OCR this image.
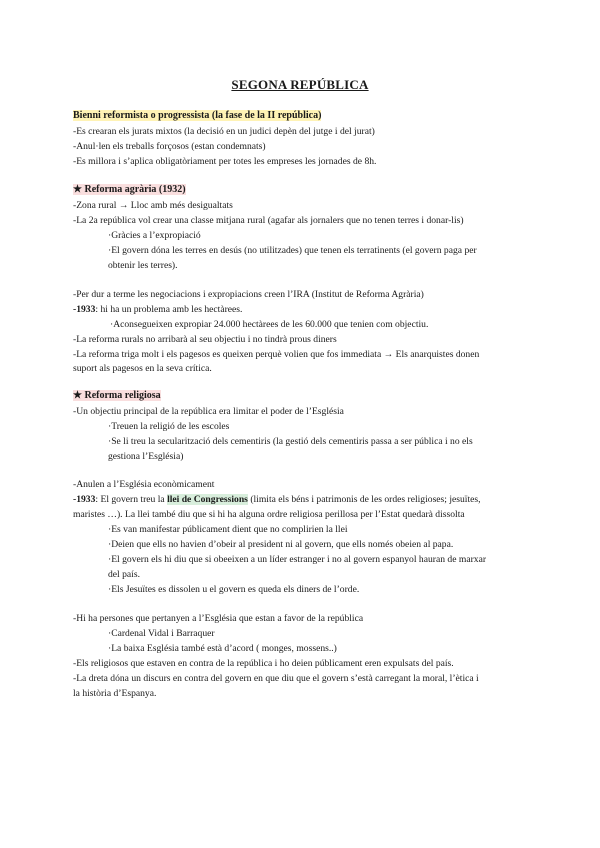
SEGONA REPÚBLICA
Bienni reformista o progressista (la fase de la II república)
-Es crearan els jurats mixtos (la decisió en un judici depèn del jutge i del jurat)
-Anul·len els treballs forçosos (estan condemnats)
-Es millora i s’aplica obligatòriament per totes les empreses les jornades de 8h.
★ Reforma agrària (1932)
-Zona rural → Lloc amb més desigualtats
-La 2a república vol crear una classe mitjana rural (agafar als jornalers que no tenen terres i donar-lis)
·Gràcies a l’expropiació
·El govern dóna les terres en desús (no utilitzades) que tenen els terratinents (el govern paga per
obtenir les terres).
-Per dur a terme les negociacions i expropiacions creen l’IRA (Institut de Reforma Agrària)
-1933: hi ha un problema amb les hectàrees.
·Aconsegueixen expropiar 24.000 hectàrees de les 60.000 que tenien com objectiu.
-La reforma rurals no arribarà al seu objectiu i no tindrà prous diners
-La reforma triga molt i els pagesos es queixen perquè volien que fos immediata → Els anarquistes donen
suport als pagesos en la seva crítica.
★ Reforma religiosa
-Un objectiu principal de la república era limitar el poder de l’Església
·Treuen la religió de les escoles
·Se li treu la secularització dels cementiris (la gestió dels cementiris passa a ser pública i no els
gestiona l’Església)
-Anulen a l’Església econòmicament
-1933: El govern treu la llei de Congressions (limita els béns i patrimonis de les ordes religioses; jesuïtes,
maristes …). La llei també diu que si hi ha alguna ordre religiosa perillosa per l’Estat quedarà dissolta
·Es van manifestar públicament dient que no complirien la llei
·Deien que ells no havien d’obeir al president ni al govern, que ells només obeien al papa.
·El govern els hi diu que si obeeixen a un líder estranger i no al govern espanyol hauran de marxar
del país.
·Els Jesuïtes es dissolen u el govern es queda els diners de l’orde.
-Hi ha persones que pertanyen a l’Església que estan a favor de la república
·Cardenal Vidal i Barraquer
·La baixa Església també està d’acord ( monges, mossens..)
-Els religiosos que estaven en contra de la república i ho deien públicament eren expulsats del país.
-La dreta dóna un discurs en contra del govern en que diu que el govern s’està carregant la moral, l’ètica i
la història d’Espanya.
